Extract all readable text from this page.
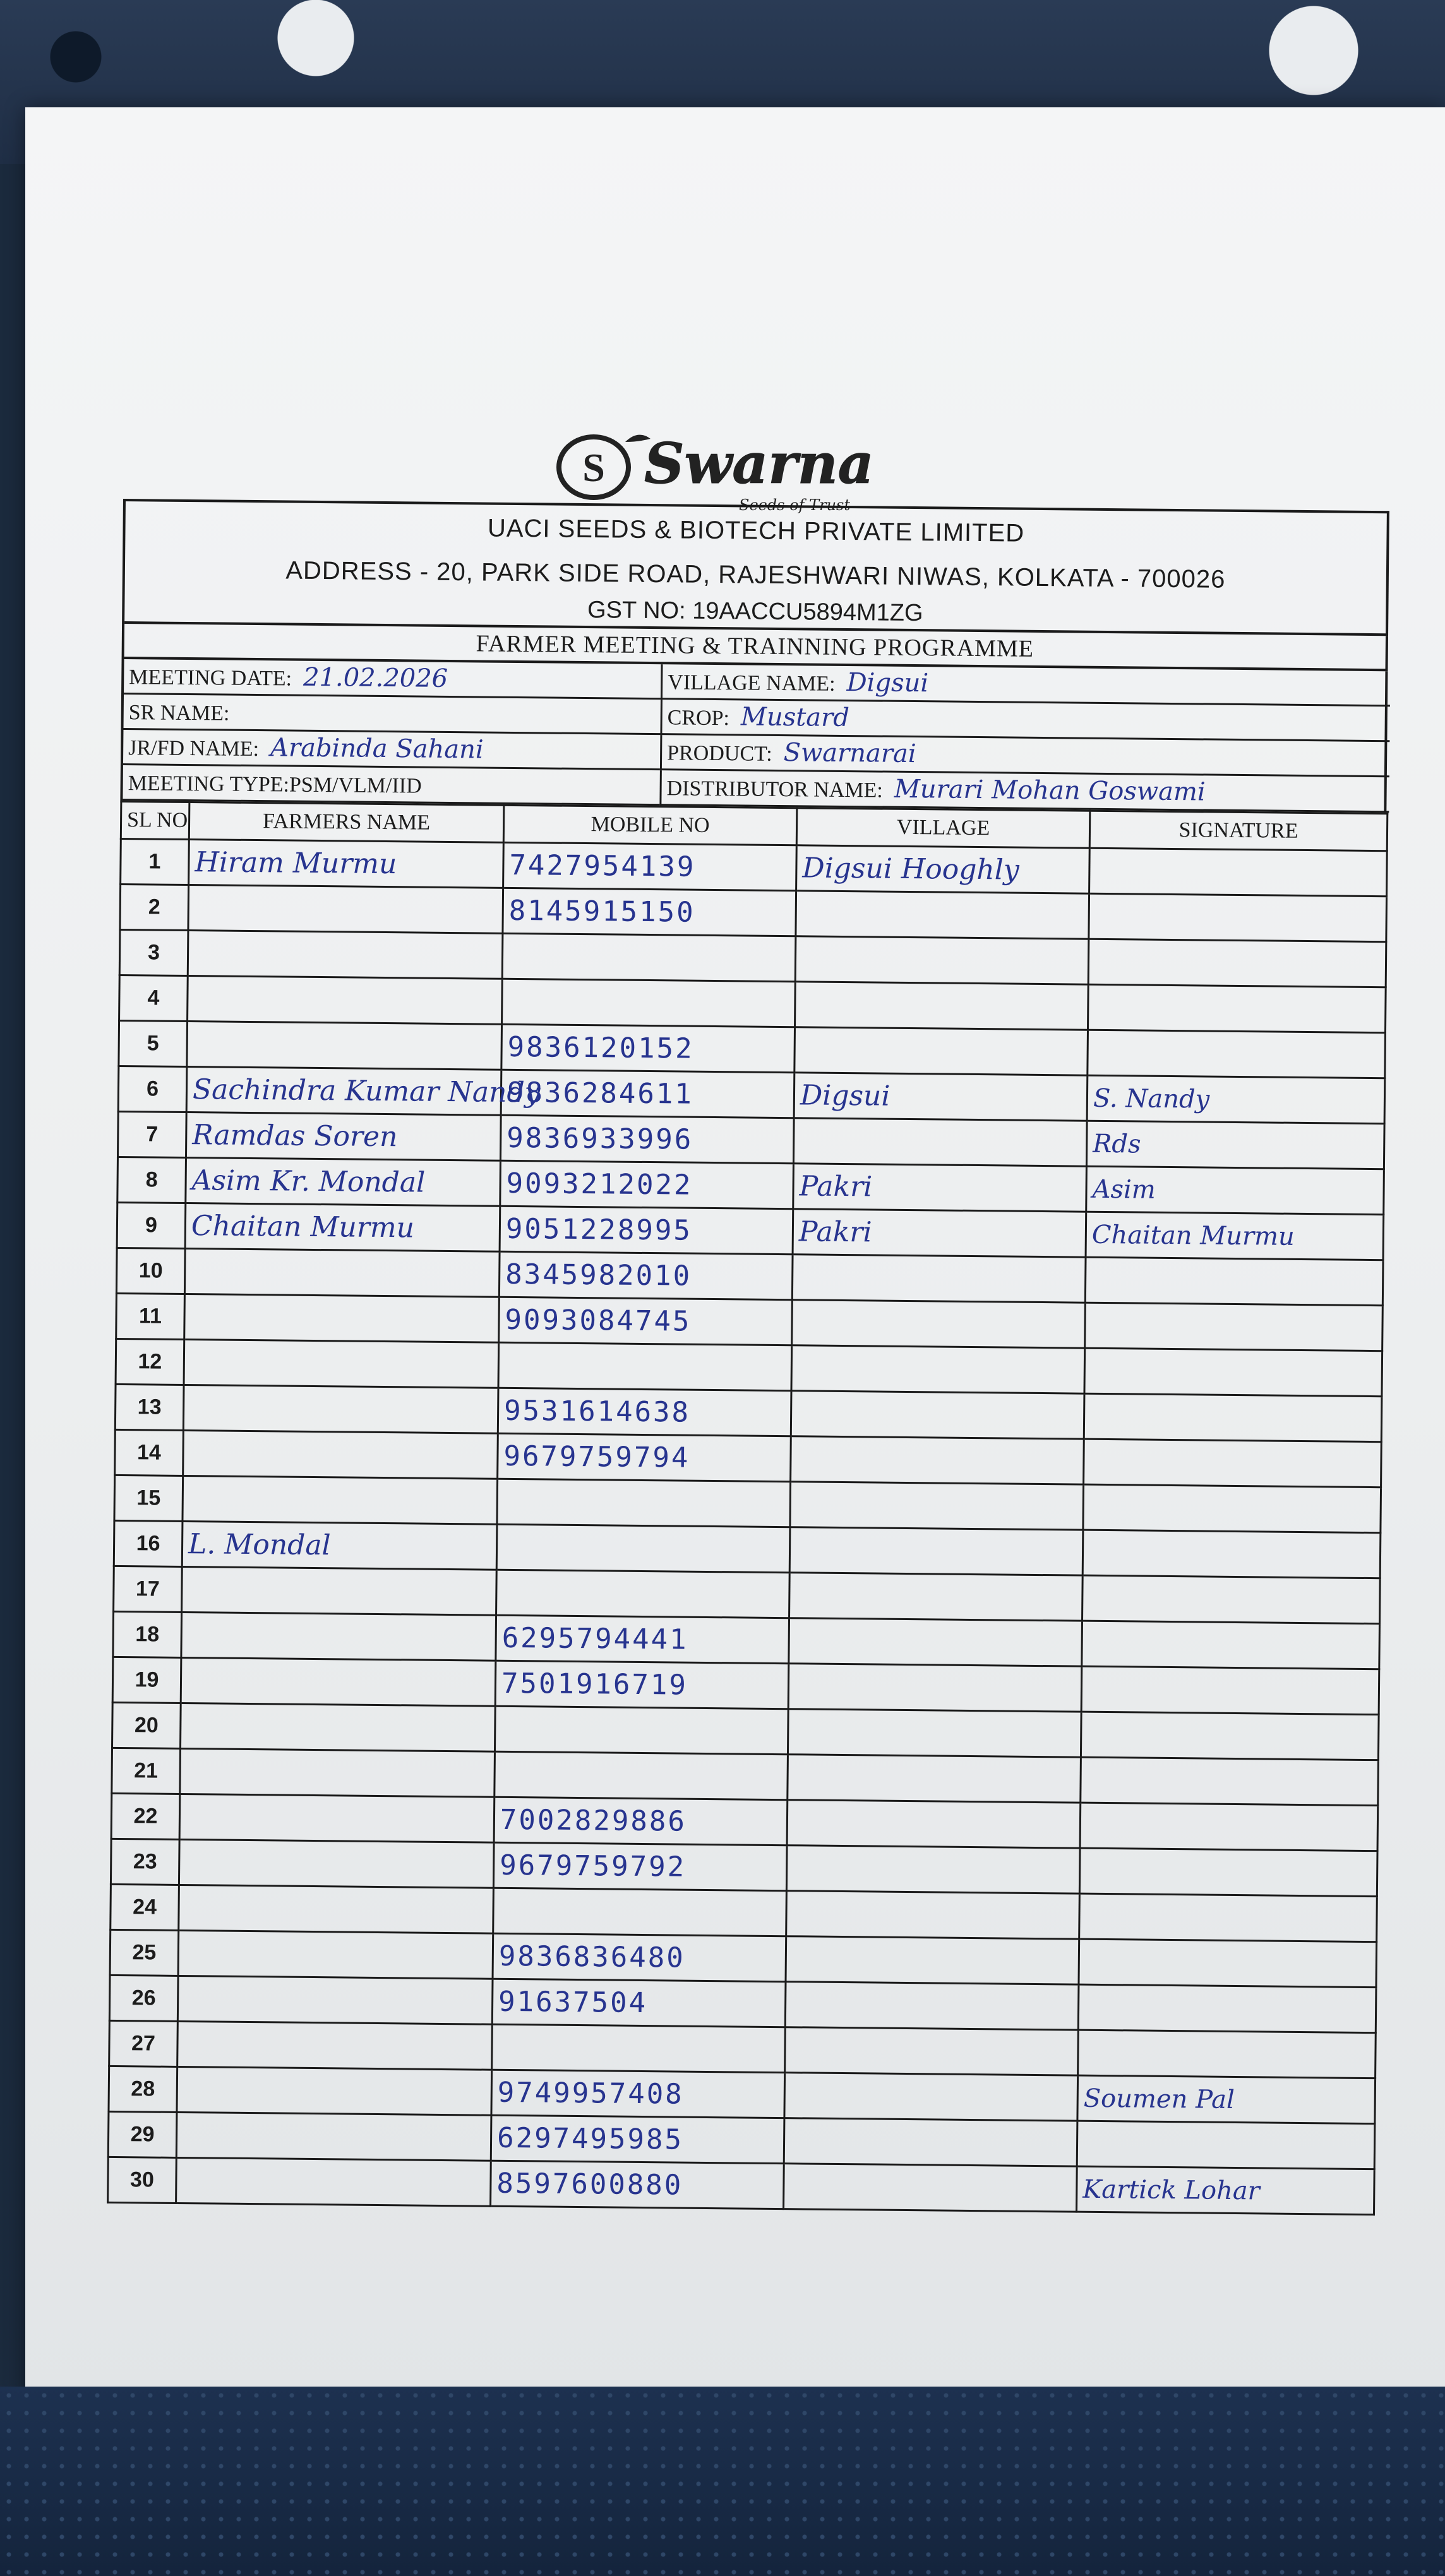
S Swarna
Seeds of Trust
UACI SEEDS & BIOTECH PRIVATE LIMITED
ADDRESS - 20, PARK SIDE ROAD, RAJESHWARI NIWAS, KOLKATA - 700026
GST NO: 19AACCU5894M1ZG
FARMER MEETING & TRAINNING PROGRAMME
MEETING DATE: 21.02.2026	VILLAGE NAME: Digsui
SR NAME:	CROP: Mustard
JR/FD NAME: Arabinda Sahani	PRODUCT: Swarnarai
MEETING TYPE:PSM/VLM/IID	DISTRIBUTOR NAME: Murari Mohan Goswami
SL NO	FARMERS NAME	MOBILE NO	VILLAGE	SIGNATURE
1	Hiram Murmu	7427954139	Digsui Hooghly	
2		8145915150		
3				
4				
5		9836120152		
6	Sachindra Kumar Nandy	9836284611	Digsui	S. Nandy
7	Ramdas Soren	9836933996		Rds
8	Asim Kr. Mondal	9093212022	Pakri	Asim
9	Chaitan Murmu	9051228995	Pakri	Chaitan Murmu
10		8345982010		
11		9093084745		
12				
13		9531614638		
14		9679759794		
15				
16	L. Mondal			
17				
18		6295794441		
19		7501916719		
20				
21				
22		7002829886		
23		9679759792		
24				
25		9836836480		
26		91637504		
27				
28		9749957408		Soumen Pal
29		6297495985		
30		8597600880		Kartick Lohar
